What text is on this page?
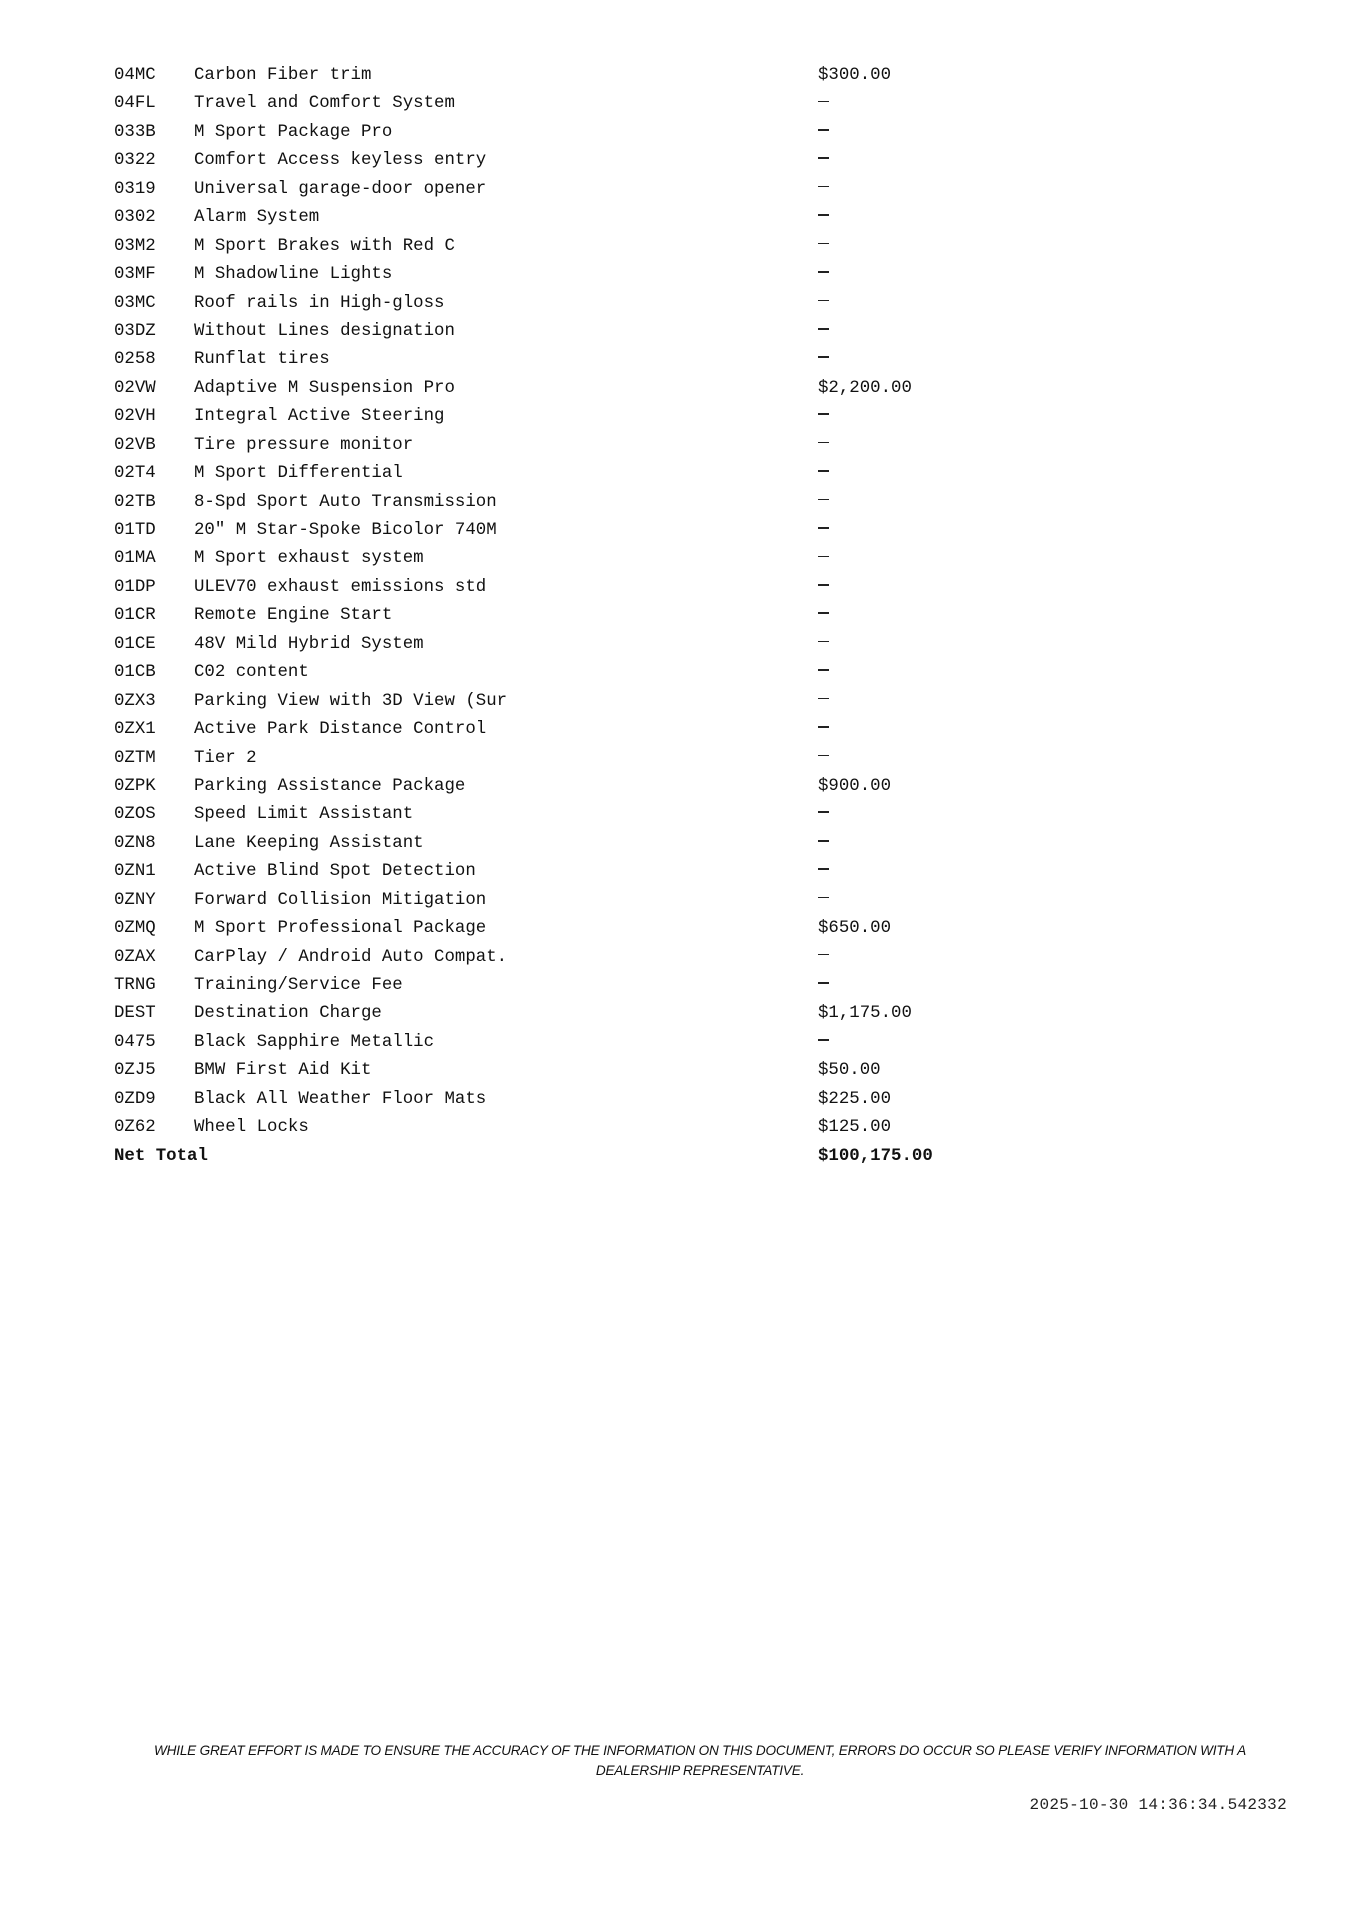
04MC Carbon Fiber trim	$300.00
04FL Travel and Comfort System
033B M Sport Package Pro
0322 Comfort Access keyless entry
0319 Universal garage-door opener
0302 Alarm System
03M2 M Sport Brakes with Red C
03MF M Shadowline Lights
03MC Roof rails in High-gloss
03DZ Without Lines designation
0258 Runflat tires
02VW Adaptive M Suspension Pro	$2,200.00
02VH Integral Active Steering
02VB Tire pressure monitor
02T4 M Sport Differential
02TB 8-Spd Sport Auto Transmission
01TD 20" M Star-Spoke Bicolor 740M
01MA M Sport exhaust system
01DP ULEV70 exhaust emissions std
01CR Remote Engine Start
01CE 48V Mild Hybrid System
01CB C02 content
0ZX3 Parking View with 3D View (Sur
0ZX1 Active Park Distance Control
0ZTM Tier 2
0ZPK Parking Assistance Package	$900.00
0ZOS Speed Limit Assistant
0ZN8 Lane Keeping Assistant
0ZN1 Active Blind Spot Detection
0ZNY Forward Collision Mitigation
0ZMQ M Sport Professional Package	$650.00
0ZAX CarPlay / Android Auto Compat.
TRNG Training/Service Fee
DEST Destination Charge	$1,175.00
0475 Black Sapphire Metallic
0ZJ5 BMW First Aid Kit	$50.00
0ZD9 Black All Weather Floor Mats	$225.00
0Z62 Wheel Locks	$125.00
Net Total	$100,175.00
WHILE GREAT EFFORT IS MADE TO ENSURE THE ACCURACY OF THE INFORMATION ON THIS DOCUMENT, ERRORS DO OCCUR SO PLEASE VERIFY INFORMATION WITH A
DEALERSHIP REPRESENTATIVE.
2025-10-30 14:36:34.542332
